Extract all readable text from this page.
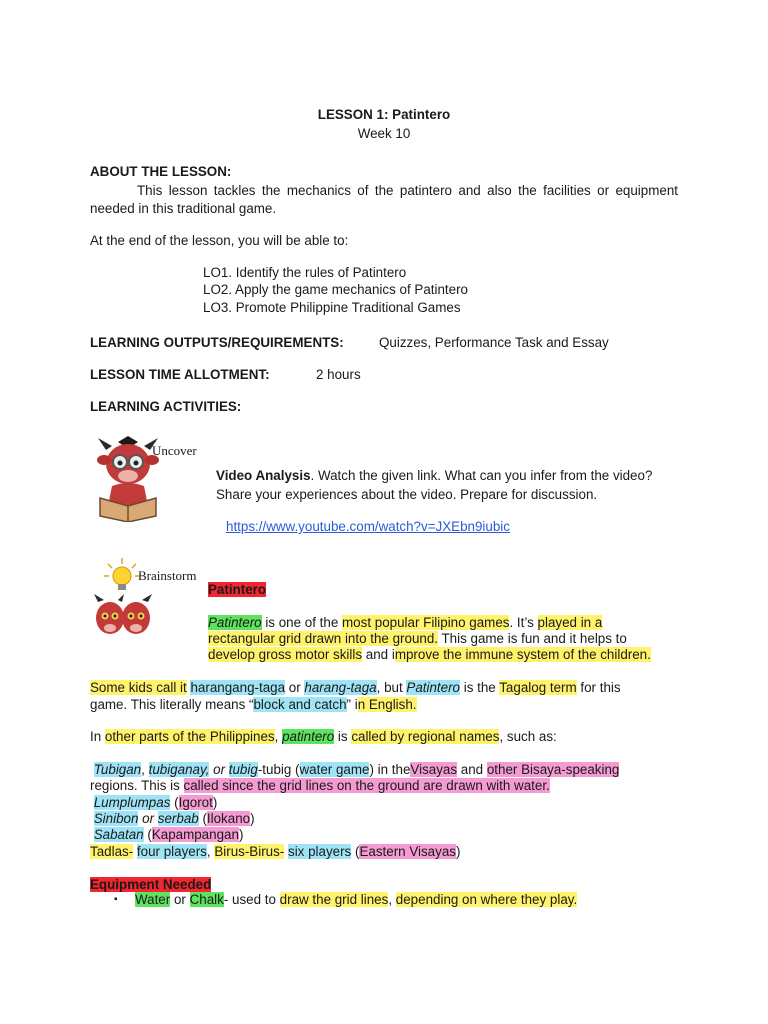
LESSON 1: Patintero
Week 10
ABOUT THE LESSON:
This lesson tackles the mechanics of the patintero and also the facilities or equipment needed in this traditional game.
At the end of the lesson, you will be able to:
LO1. Identify the rules of Patintero
LO2. Apply the game mechanics of Patintero
LO3. Promote Philippine Traditional Games
LEARNING OUTPUTS/REQUIREMENTS:	Quizzes, Performance Task and Essay
LESSON TIME ALLOTMENT:	2 hours
LEARNING ACTIVITIES:
Uncover
Video Analysis. Watch the given link. What can you infer from the video?
Share your experiences about the video. Prepare for discussion.
https://www.youtube.com/watch?v=JXEbn9iubic
Brainstorm
Patintero
Patintero is one of the most popular Filipino games. It’s played in a
rectangular grid drawn into the ground. This game is fun and it helps to
develop gross motor skills and improve the immune system of the children.
Some kids call it harangang-taga or harang-taga, but Patintero is the Tagalog term for this
game. This literally means “block and catch” in English.
In other parts of the Philippines, patintero is called by regional names, such as:
Tubigan, tubiganay, or tubig-tubig (water game) in theVisayas and other Bisaya-speaking
regions. This is called since the grid lines on the ground are drawn with water.
Lumplumpas (Igorot)
Sinibon or serbab (Ilokano)
Sabatan (Kapampangan)
Tadlas- four players, Birus-Birus- six players (Eastern Visayas)
Equipment Needed
▪ Water or Chalk- used to draw the grid lines, depending on where they play.
